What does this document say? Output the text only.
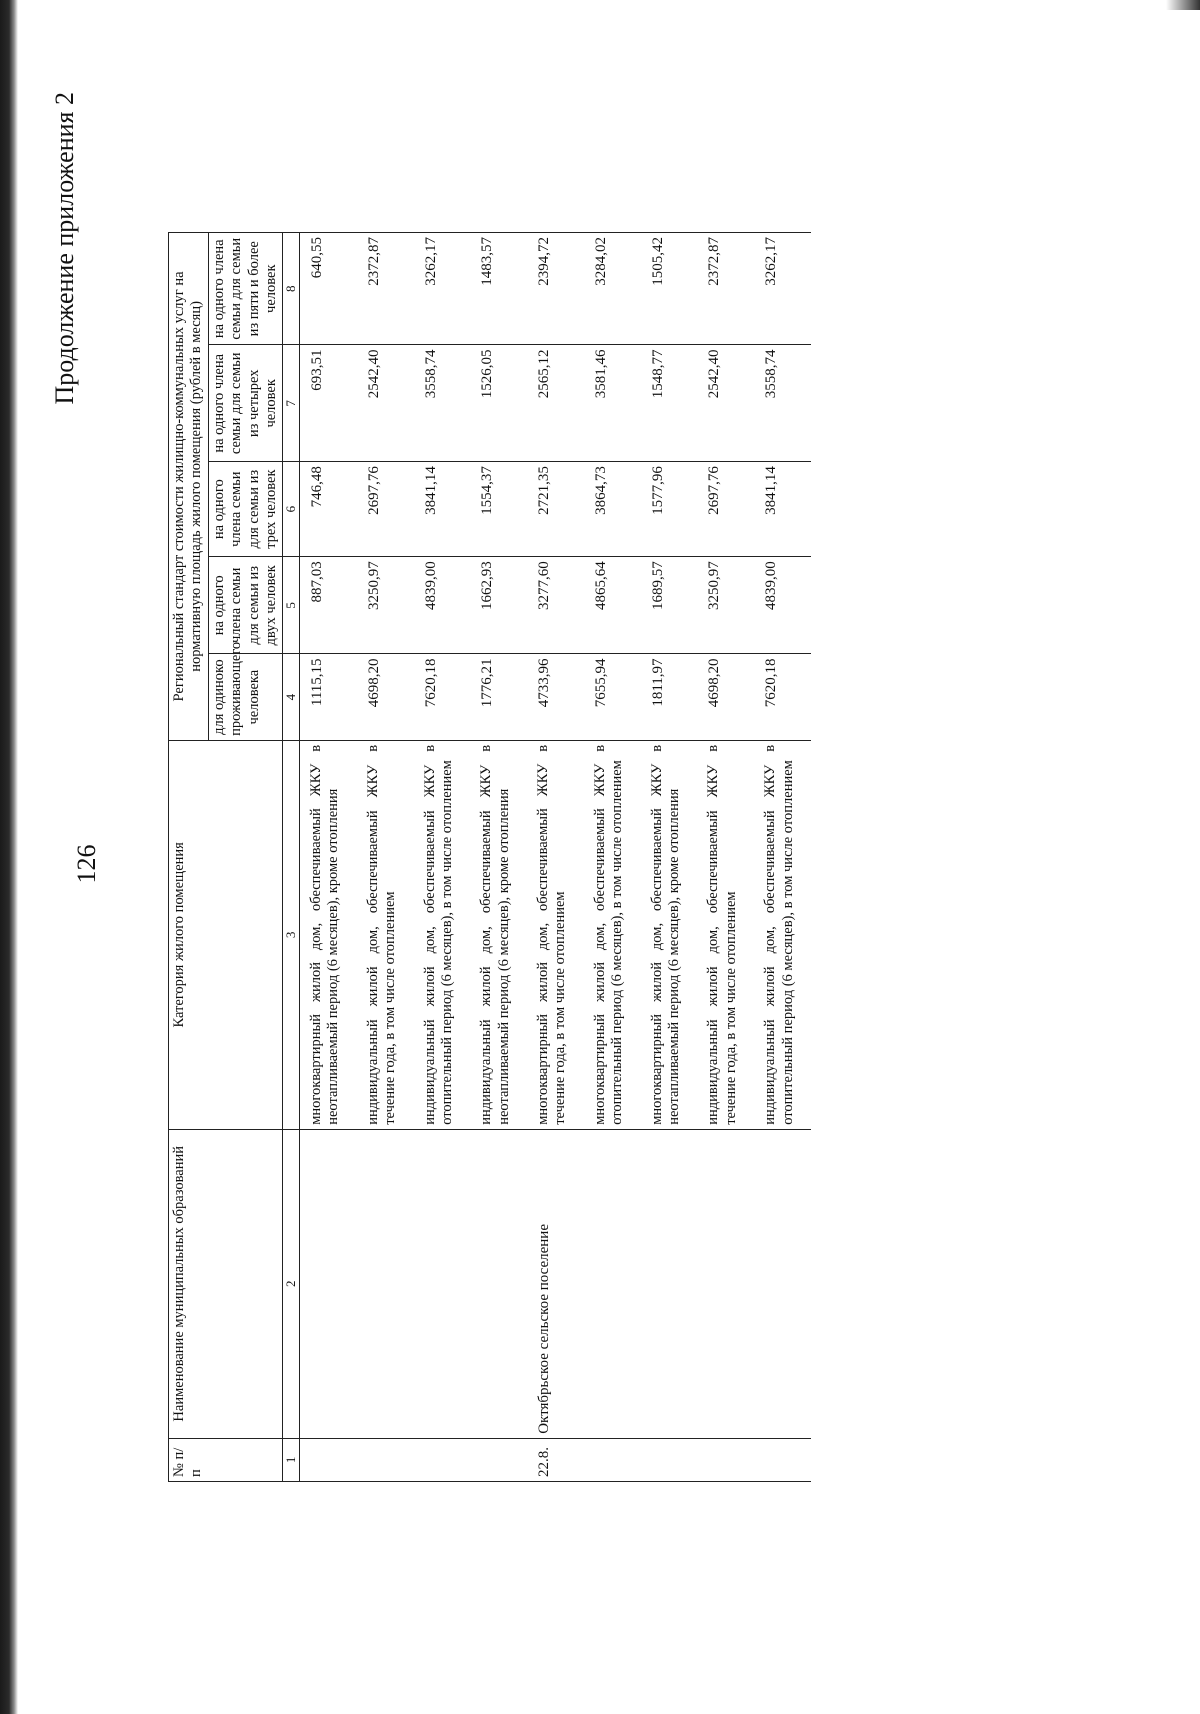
126
Продолжение приложения 2
№ п/п	Наименование муниципальных образований	Категория жилого помещения	Региональный стандарт стоимости жилищно-коммунальных услуг на нормативную площадь жилого помещения (рублей в месяц)				
			для одиноко проживающего человека	на одного члена семьи для семьи из двух человек	на одного члена семьи для семьи из трех человек	на одного члена семьи для семьи из четырех человек	на одного члена семьи для семьи из пяти и более человек
1	2	3	4	5	6	7	8
		многоквартирный жилой дом, обеспечиваемый ЖКУ в неотапливаемый период (6 месяцев), кроме отопления	1115,15	887,03	746,48	693,51	640,55
		индивидуальный жилой дом, обеспечиваемый ЖКУ в течение года, в том числе отоплением	4698,20	3250,97	2697,76	2542,40	2372,87
		индивидуальный жилой дом, обеспечиваемый ЖКУ в отопительный период (6 месяцев), в том числе отоплением	7620,18	4839,00	3841,14	3558,74	3262,17
		индивидуальный жилой дом, обеспечиваемый ЖКУ в неотапливаемый период (6 месяцев), кроме отопления	1776,21	1662,93	1554,37	1526,05	1483,57
22.8.	Октябрьское сельское поселение	многоквартирный жилой дом, обеспечиваемый ЖКУ в течение года, в том числе отоплением	4733,96	3277,60	2721,35	2565,12	2394,72
		многоквартирный жилой дом, обеспечиваемый ЖКУ в отопительный период (6 месяцев), в том числе отоплением	7655,94	4865,64	3864,73	3581,46	3284,02
		многоквартирный жилой дом, обеспечиваемый ЖКУ в неотапливаемый период (6 месяцев), кроме отопления	1811,97	1689,57	1577,96	1548,77	1505,42
		индивидуальный жилой дом, обеспечиваемый ЖКУ в течение года, в том числе отоплением	4698,20	3250,97	2697,76	2542,40	2372,87
		индивидуальный жилой дом, обеспечиваемый ЖКУ в отопительный период (6 месяцев), в том числе отоплением	7620,18	4839,00	3841,14	3558,74	3262,17
